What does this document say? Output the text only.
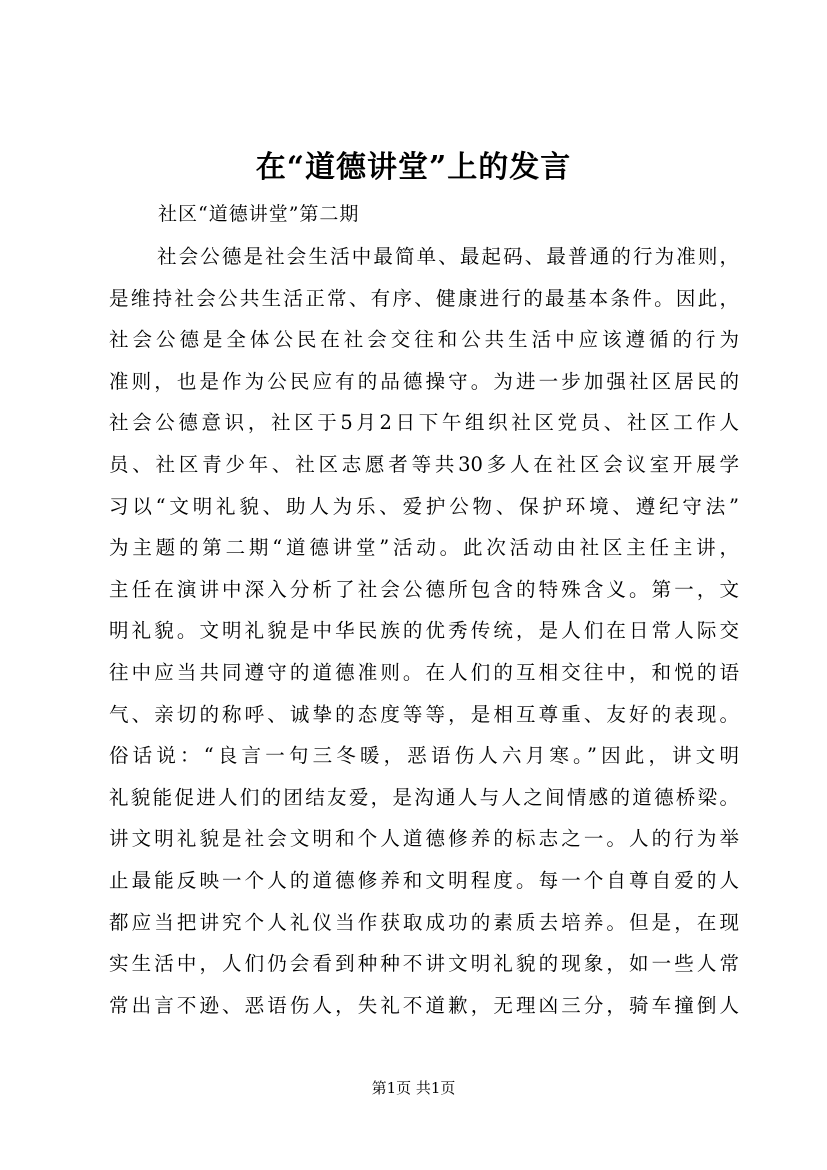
在“道德讲堂”上的发言
社区“道德讲堂”第二期
社会公德是社会生活中最简单、最起码、最普通的行为准则，
是维持社会公共生活正常、有序、健康进行的最基本条件。因此，
社会公德是全体公民在社会交往和公共生活中应该遵循的行为
准则，也是作为公民应有的品德操守。为进一步加强社区居民的
社会公德意识，社区于5月2日下午组织社区党员、社区工作人
员、社区青少年、社区志愿者等共30多人在社区会议室开展学
习以“文明礼貌、助人为乐、爱护公物、保护环境、遵纪守法”
为主题的第二期“道德讲堂”活动。此次活动由社区主任主讲，
主任在演讲中深入分析了社会公德所包含的特殊含义。第一，文
明礼貌。文明礼貌是中华民族的优秀传统，是人们在日常人际交
往中应当共同遵守的道德准则。在人们的互相交往中，和悦的语
气、亲切的称呼、诚挚的态度等等，是相互尊重、友好的表现。
俗话说：“良言一句三冬暖，恶语伤人六月寒。”因此，讲文明
礼貌能促进人们的团结友爱，是沟通人与人之间情感的道德桥梁。
讲文明礼貌是社会文明和个人道德修养的标志之一。人的行为举
止最能反映一个人的道德修养和文明程度。每一个自尊自爱的人
都应当把讲究个人礼仪当作获取成功的素质去培养。但是，在现
实生活中，人们仍会看到种种不讲文明礼貌的现象，如一些人常
常出言不逊、恶语伤人，失礼不道歉，无理凶三分，骑车撞倒人
第1页 共1页
